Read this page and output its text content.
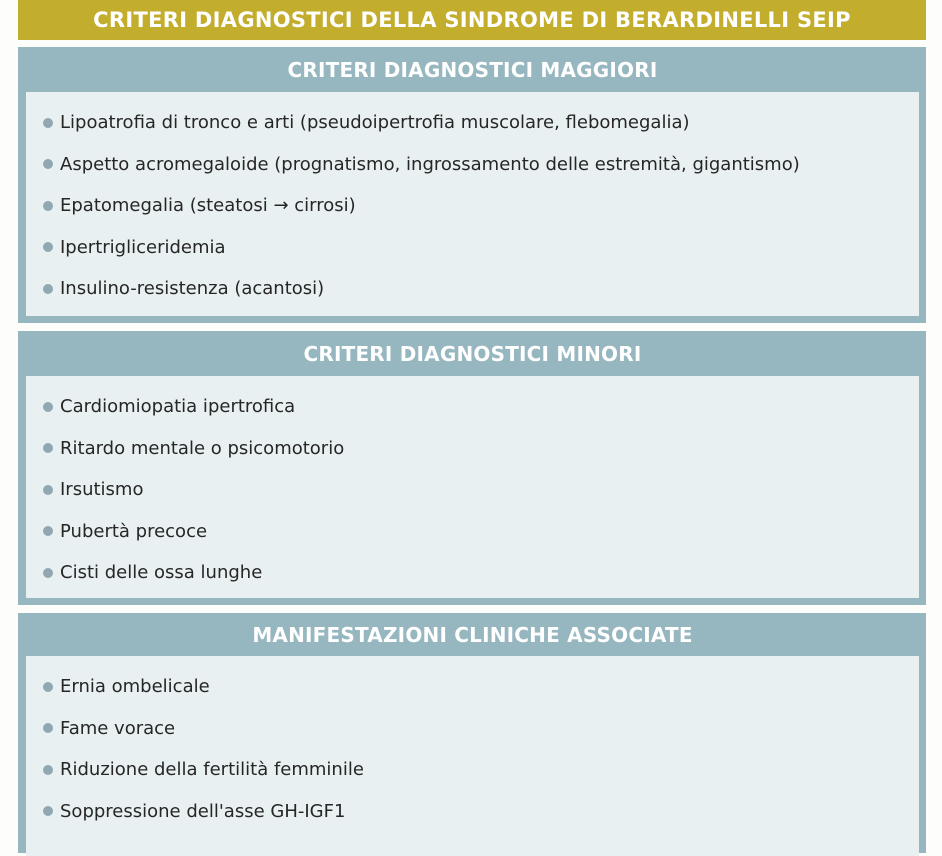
CRITERI DIAGNOSTICI DELLA SINDROME DI BERARDINELLI SEIP
CRITERI DIAGNOSTICI MAGGIORI
Lipoatrofia di tronco e arti (pseudoipertrofia muscolare, flebomegalia)
Aspetto acromegaloide (prognatismo, ingrossamento delle estremità, gigantismo)
Epatomegalia (steatosi → cirrosi)
Ipertrigliceridemia
Insulino-resistenza (acantosi)
CRITERI DIAGNOSTICI MINORI
Cardiomiopatia ipertrofica
Ritardo mentale o psicomotorio
Irsutismo
Pubertà precoce
Cisti delle ossa lunghe
MANIFESTAZIONI CLINICHE ASSOCIATE
Ernia ombelicale
Fame vorace
Riduzione della fertilità femminile
Soppressione dell'asse GH-IGF1
